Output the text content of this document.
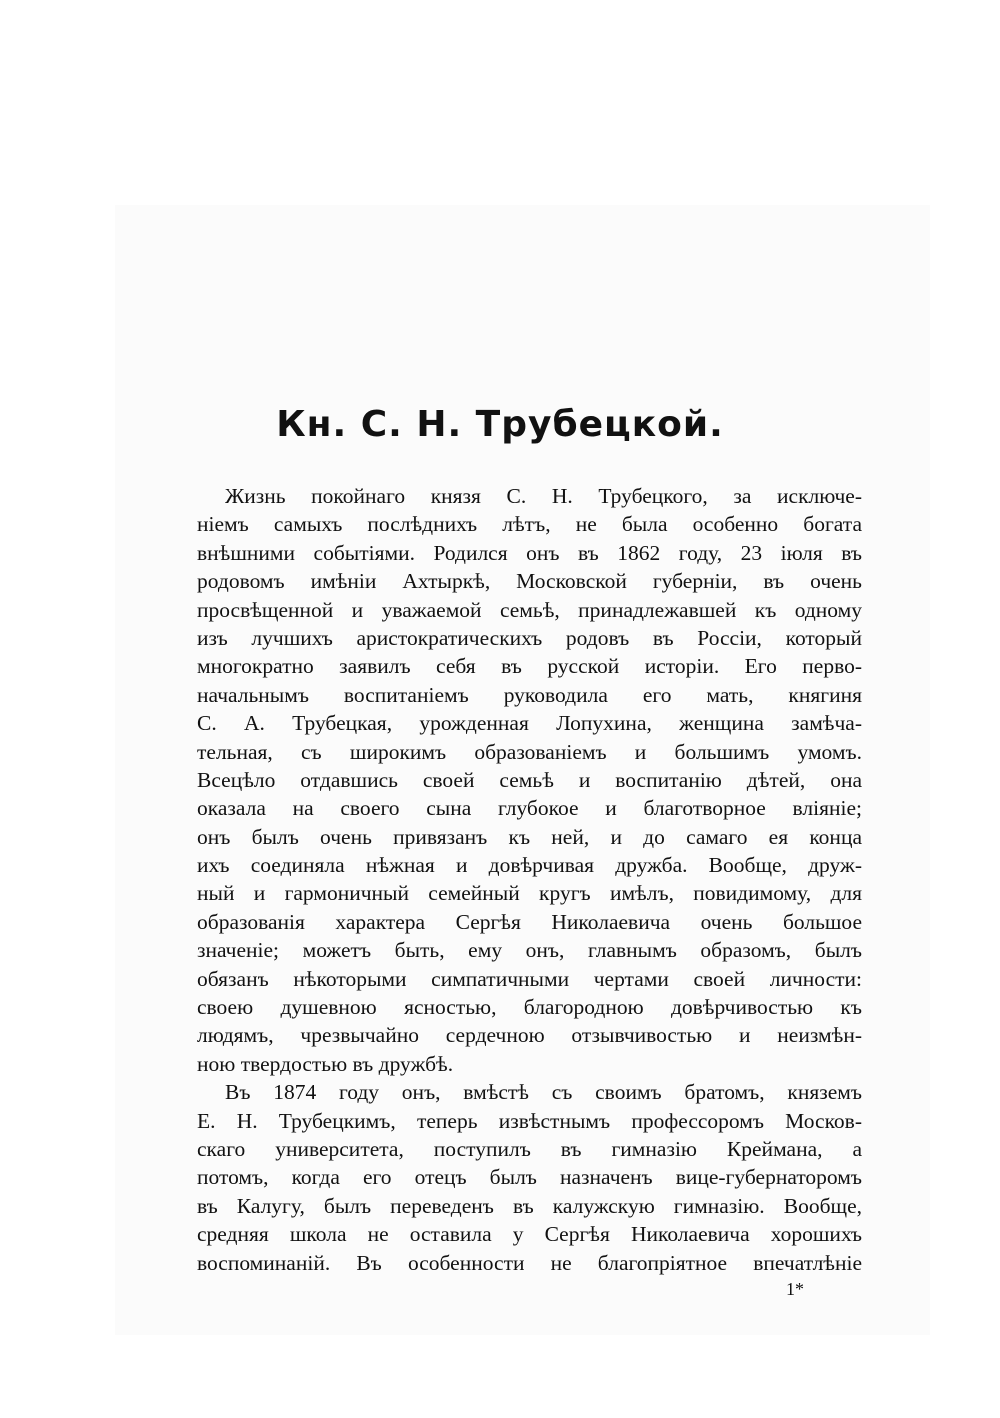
Кн. С. Н. Трубецкой.
Жизнь покойнаго князя С. Н. Трубецкого, за исключе-
ніемъ самыхъ послѣднихъ лѣтъ, не была особенно богата
внѣшними событіями. Родился онъ въ 1862 году, 23 іюля въ
родовомъ имѣніи Ахтыркѣ, Московской губерніи, въ очень
просвѣщенной и уважаемой семьѣ, принадлежавшей къ одному
изъ лучшихъ аристократическихъ родовъ въ Россіи, который
многократно заявилъ себя въ русской исторіи. Его перво-
начальнымъ воспитаніемъ руководила его мать, княгиня
С. А. Трубецкая, урожденная Лопухина, женщина замѣча-
тельная, съ широкимъ образованіемъ и большимъ умомъ.
Всецѣло отдавшись своей семьѣ и воспитанію дѣтей, она
оказала на своего сына глубокое и благотворное вліяніе;
онъ былъ очень привязанъ къ ней, и до самаго ея конца
ихъ соединяла нѣжная и довѣрчивая дружба. Вообще, друж-
ный и гармоничный семейный кругъ имѣлъ, повидимому, для
образованія характера Сергѣя Николаевича очень большое
значеніе; можетъ быть, ему онъ, главнымъ образомъ, былъ
обязанъ нѣкоторыми симпатичными чертами своей личности:
своею душевною ясностью, благородною довѣрчивостью къ
людямъ, чрезвычайно сердечною отзывчивостью и неизмѣн-
ною твердостью въ дружбѣ.
Въ 1874 году онъ, вмѣстѣ съ своимъ братомъ, княземъ
Е. Н. Трубецкимъ, теперь извѣстнымъ профессоромъ Москов-
скаго университета, поступилъ въ гимназію Креймана, а
потомъ, когда его отецъ былъ назначенъ вице-губернаторомъ
въ Калугу, былъ переведенъ въ калужскую гимназію. Вообще,
средняя школа не оставила у Сергѣя Николаевича хорошихъ
воспоминаній. Въ особенности не благопріятное впечатлѣніе
1*
